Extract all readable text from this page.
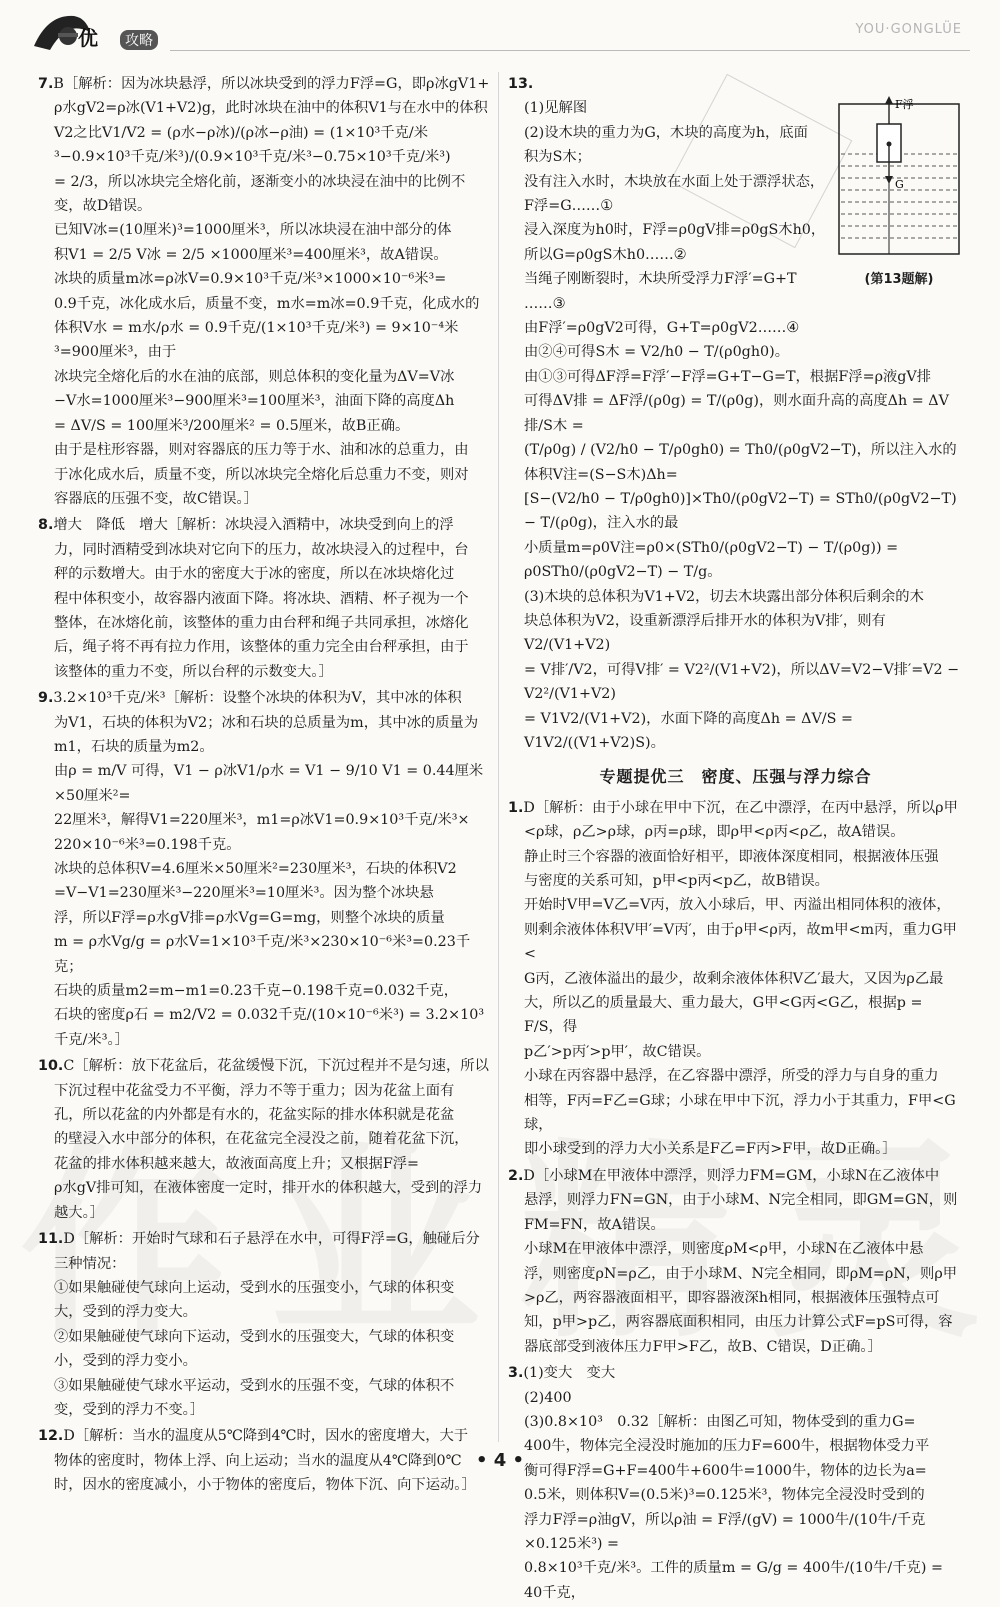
优	攻略
YOU·GONGLÜE
7.B［解析：因为冰块悬浮，所以冰块受到的浮力F浮=G，即ρ冰gV1+
ρ水gV2=ρ冰(V1+V2)g，此时冰块在油中的体积V1与在水中的体积
V2之比V1/V2 = (ρ水−ρ冰)/(ρ冰−ρ油) = (1×10³千克/米³−0.9×10³千克/米³)/(0.9×10³千克/米³−0.75×10³千克/米³)
= 2/3，所以冰块完全熔化前，逐渐变小的冰块浸在油中的比例不
变，故D错误。
已知V冰=(10厘米)³=1000厘米³，所以冰块浸在油中部分的体
积V1 = 2/5 V冰 = 2/5 ×1000厘米³=400厘米³，故A错误。
冰块的质量m冰=ρ冰V=0.9×10³千克/米³×1000×10⁻⁶米³=
0.9千克，冰化成水后，质量不变，m水=m冰=0.9千克，化成水的
体积V水 = m水/ρ水 = 0.9千克/(1×10³千克/米³) = 9×10⁻⁴米³=900厘米³，由于
冰块完全熔化后的水在油的底部，则总体积的变化量为ΔV=V冰
−V水=1000厘米³−900厘米³=100厘米³，油面下降的高度Δh
= ΔV/S = 100厘米³/200厘米² = 0.5厘米，故B正确。
由于是柱形容器，则对容器底的压力等于水、油和冰的总重力，由
于冰化成水后，质量不变，所以冰块完全熔化后总重力不变，则对
容器底的压强不变，故C错误。］
8.增大　降低　增大［解析：冰块浸入酒精中，冰块受到向上的浮
力，同时酒精受到冰块对它向下的压力，故冰块浸入的过程中，台
秤的示数增大。由于水的密度大于冰的密度，所以在冰块熔化过
程中体积变小，故容器内液面下降。将冰块、酒精、杯子视为一个
整体，在冰熔化前，该整体的重力由台秤和绳子共同承担，冰熔化
后，绳子将不再有拉力作用，该整体的重力完全由台秤承担，由于
该整体的重力不变，所以台秤的示数变大。］
9.3.2×10³千克/米³［解析：设整个冰块的体积为V，其中冰的体积
为V1，石块的体积为V2；冰和石块的总质量为m，其中冰的质量为
m1，石块的质量为m2。
由ρ = m/V 可得，V1 − ρ冰V1/ρ水 = V1 − 9/10 V1 = 0.44厘米×50厘米²=
22厘米³，解得V1=220厘米³，m1=ρ冰V1=0.9×10³千克/米³×
220×10⁻⁶米³=0.198千克。
冰块的总体积V=4.6厘米×50厘米²=230厘米³，石块的体积V2
=V−V1=230厘米³−220厘米³=10厘米³。因为整个冰块悬
浮，所以F浮=ρ水gV排=ρ水Vg=G=mg，则整个冰块的质量
m = ρ水Vg/g = ρ水V=1×10³千克/米³×230×10⁻⁶米³=0.23千克；
石块的质量m2=m−m1=0.23千克−0.198千克=0.032千克，
石块的密度ρ石 = m2/V2 = 0.032千克/(10×10⁻⁶米³) = 3.2×10³千克/米³。］
10.C［解析：放下花盆后，花盆缓慢下沉，下沉过程并不是匀速，所以
下沉过程中花盆受力不平衡，浮力不等于重力；因为花盆上面有
孔，所以花盆的内外都是有水的，花盆实际的排水体积就是花盆
的壁浸入水中部分的体积，在花盆完全浸没之前，随着花盆下沉，
花盆的排水体积越来越大，故液面高度上升；又根据F浮=
ρ水gV排可知，在液体密度一定时，排开水的体积越大，受到的浮力
越大。］
11.D［解析：开始时气球和石子悬浮在水中，可得F浮=G，触碰后分
三种情况：
①如果触碰使气球向上运动，受到水的压强变小，气球的体积变
大，受到的浮力变大。
②如果触碰使气球向下运动，受到水的压强变大，气球的体积变
小，受到的浮力变小。
③如果触碰使气球水平运动，受到水的压强不变，气球的体积不
变，受到的浮力不变。］
12.D［解析：当水的温度从5℃降到4℃时，因水的密度增大，大于
物体的密度时，物体上浮、向上运动；当水的温度从4℃降到0℃
时，因水的密度减小，小于物体的密度后，物体下沉、向下运动。］
13.
(1)见解图
(2)设木块的重力为G，木块的高度为h，底面
积为S木；
没有注入水时，木块放在水面上处于漂浮状态，
F浮=G……①
浸入深度为h0时，F浮=ρ0gV排=ρ0gS木h0，
所以G=ρ0gS木h0……②
当绳子刚断裂时，木块所受浮力F浮′=G+T
……③
由F浮′=ρ0gV2可得，G+T=ρ0gV2……④
由②④可得S木 = V2/h0 − T/(ρ0gh0)。
由①③可得ΔF浮=F浮′−F浮=G+T−G=T，根据F浮=ρ液gV排
可得ΔV排 = ΔF浮/(ρ0g) = T/(ρ0g)，则水面升高的高度Δh = ΔV排/S木 =
(T/ρ0g) / (V2/h0 − T/ρ0gh0) = Th0/(ρ0gV2−T)，所以注入水的体积V注=(S−S木)Δh=
[S−(V2/h0 − T/ρ0gh0)]×Th0/(ρ0gV2−T) = STh0/(ρ0gV2−T) − T/(ρ0g)，注入水的最
小质量m=ρ0V注=ρ0×(STh0/(ρ0gV2−T) − T/(ρ0g)) = ρ0STh0/(ρ0gV2−T) − T/g。
(3)木块的总体积为V1+V2，切去木块露出部分体积后剩余的木
块总体积为V2，设重新漂浮后排开水的体积为V排′，则有 V2/(V1+V2)
= V排′/V2，可得V排′ = V2²/(V1+V2)，所以ΔV=V2−V排′=V2 − V2²/(V1+V2)
= V1V2/(V1+V2)，水面下降的高度Δh = ΔV/S = V1V2/((V1+V2)S)。
专题提优三　密度、压强与浮力综合
1.D［解析：由于小球在甲中下沉，在乙中漂浮，在丙中悬浮，所以ρ甲
<ρ球，ρ乙>ρ球，ρ丙=ρ球，即ρ甲<ρ丙<ρ乙，故A错误。
静止时三个容器的液面恰好相平，即液体深度相同，根据液体压强
与密度的关系可知，p甲<p丙<p乙，故B错误。
开始时V甲=V乙=V丙，放入小球后，甲、丙溢出相同体积的液体，
则剩余液体体积V甲′=V丙′，由于ρ甲<ρ丙，故m甲<m丙，重力G甲<
G丙，乙液体溢出的最少，故剩余液体体积V乙′最大，又因为ρ乙最
大，所以乙的质量最大、重力最大，G甲<G丙<G乙，根据p = F/S，得
p乙′>p丙′>p甲′，故C错误。
小球在丙容器中悬浮，在乙容器中漂浮，所受的浮力与自身的重力
相等，F丙=F乙=G球；小球在甲中下沉，浮力小于其重力，F甲<G球，
即小球受到的浮力大小关系是F乙=F丙>F甲，故D正确。］
2.D［小球M在甲液体中漂浮，则浮力FM=GM，小球N在乙液体中
悬浮，则浮力FN=GN，由于小球M、N完全相同，即GM=GN，则
FM=FN，故A错误。
小球M在甲液体中漂浮，则密度ρM<ρ甲，小球N在乙液体中悬
浮，则密度ρN=ρ乙，由于小球M、N完全相同，即ρM=ρN，则ρ甲
>ρ乙，两容器液面相平，即容器液深h相同，根据液体压强特点可
知，p甲>p乙，两容器底面积相同，由压力计算公式F=pS可得，容
器底部受到液体压力F甲>F乙，故B、C错误，D正确。］
3.(1)变大　变大
(2)400
(3)0.8×10³　0.32［解析：由图乙可知，物体受到的重力G=
400牛，物体完全浸没时施加的压力F=600牛，根据物体受力平
衡可得F浮=G+F=400牛+600牛=1000牛，物体的边长为a=
0.5米，则体积V=(0.5米)³=0.125米³，物体完全浸没时受到的
浮力F浮=ρ油gV，所以ρ油 = F浮/(gV) = 1000牛/(10牛/千克×0.125米³) =
0.8×10³千克/米³。工件的质量m = G/g = 400牛/(10牛/千克) = 40千克，
F浮
G
(第13题解)
• 4 •
